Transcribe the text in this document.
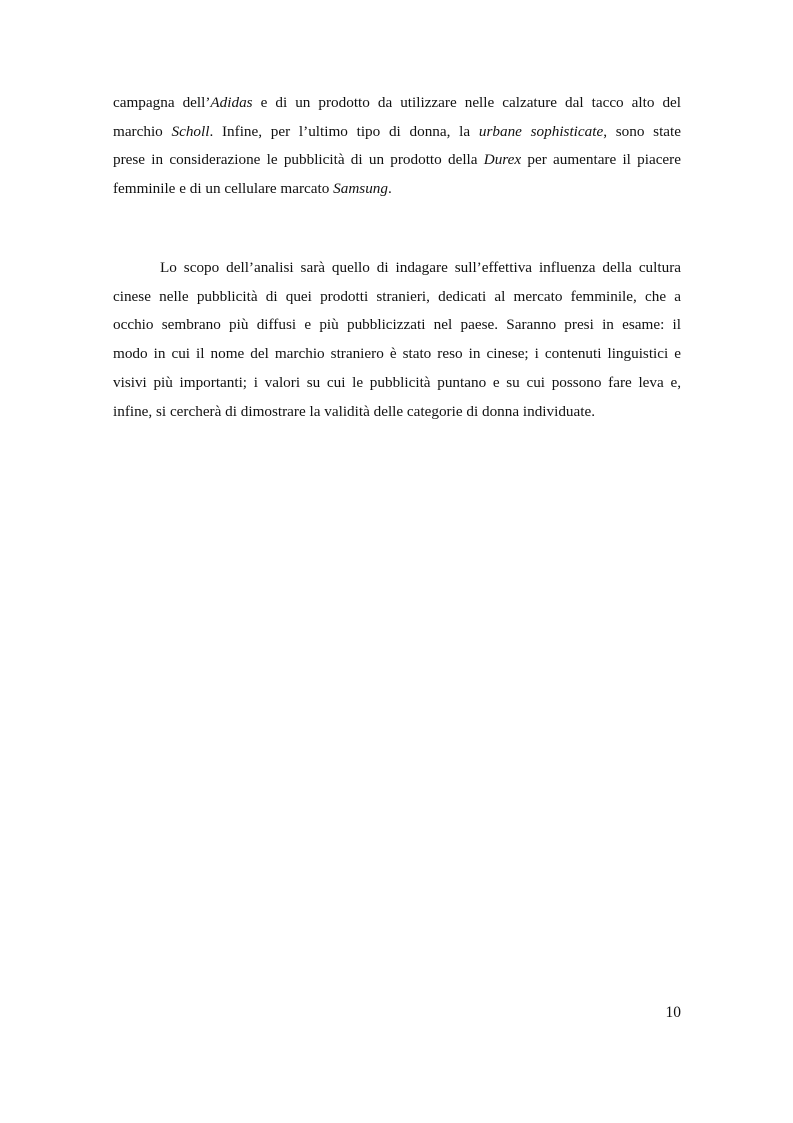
campagna dell’Adidas e di un prodotto da utilizzare nelle calzature dal tacco alto del
marchio Scholl. Infine, per l’ultimo tipo di donna, la urbane sophisticate, sono state
prese in considerazione le pubblicità di un prodotto della Durex per aumentare il piacere
femminile e di un cellulare marcato Samsung.
Lo scopo dell’analisi sarà quello di indagare sull’effettiva influenza della cultura
cinese nelle pubblicità di quei prodotti stranieri, dedicati al mercato femminile, che a
occhio sembrano più diffusi e più pubblicizzati nel paese. Saranno presi in esame: il
modo in cui il nome del marchio straniero è stato reso in cinese; i contenuti linguistici e
visivi più importanti; i valori su cui le pubblicità puntano e su cui possono fare leva e,
infine, si cercherà di dimostrare la validità delle categorie di donna individuate.
10
